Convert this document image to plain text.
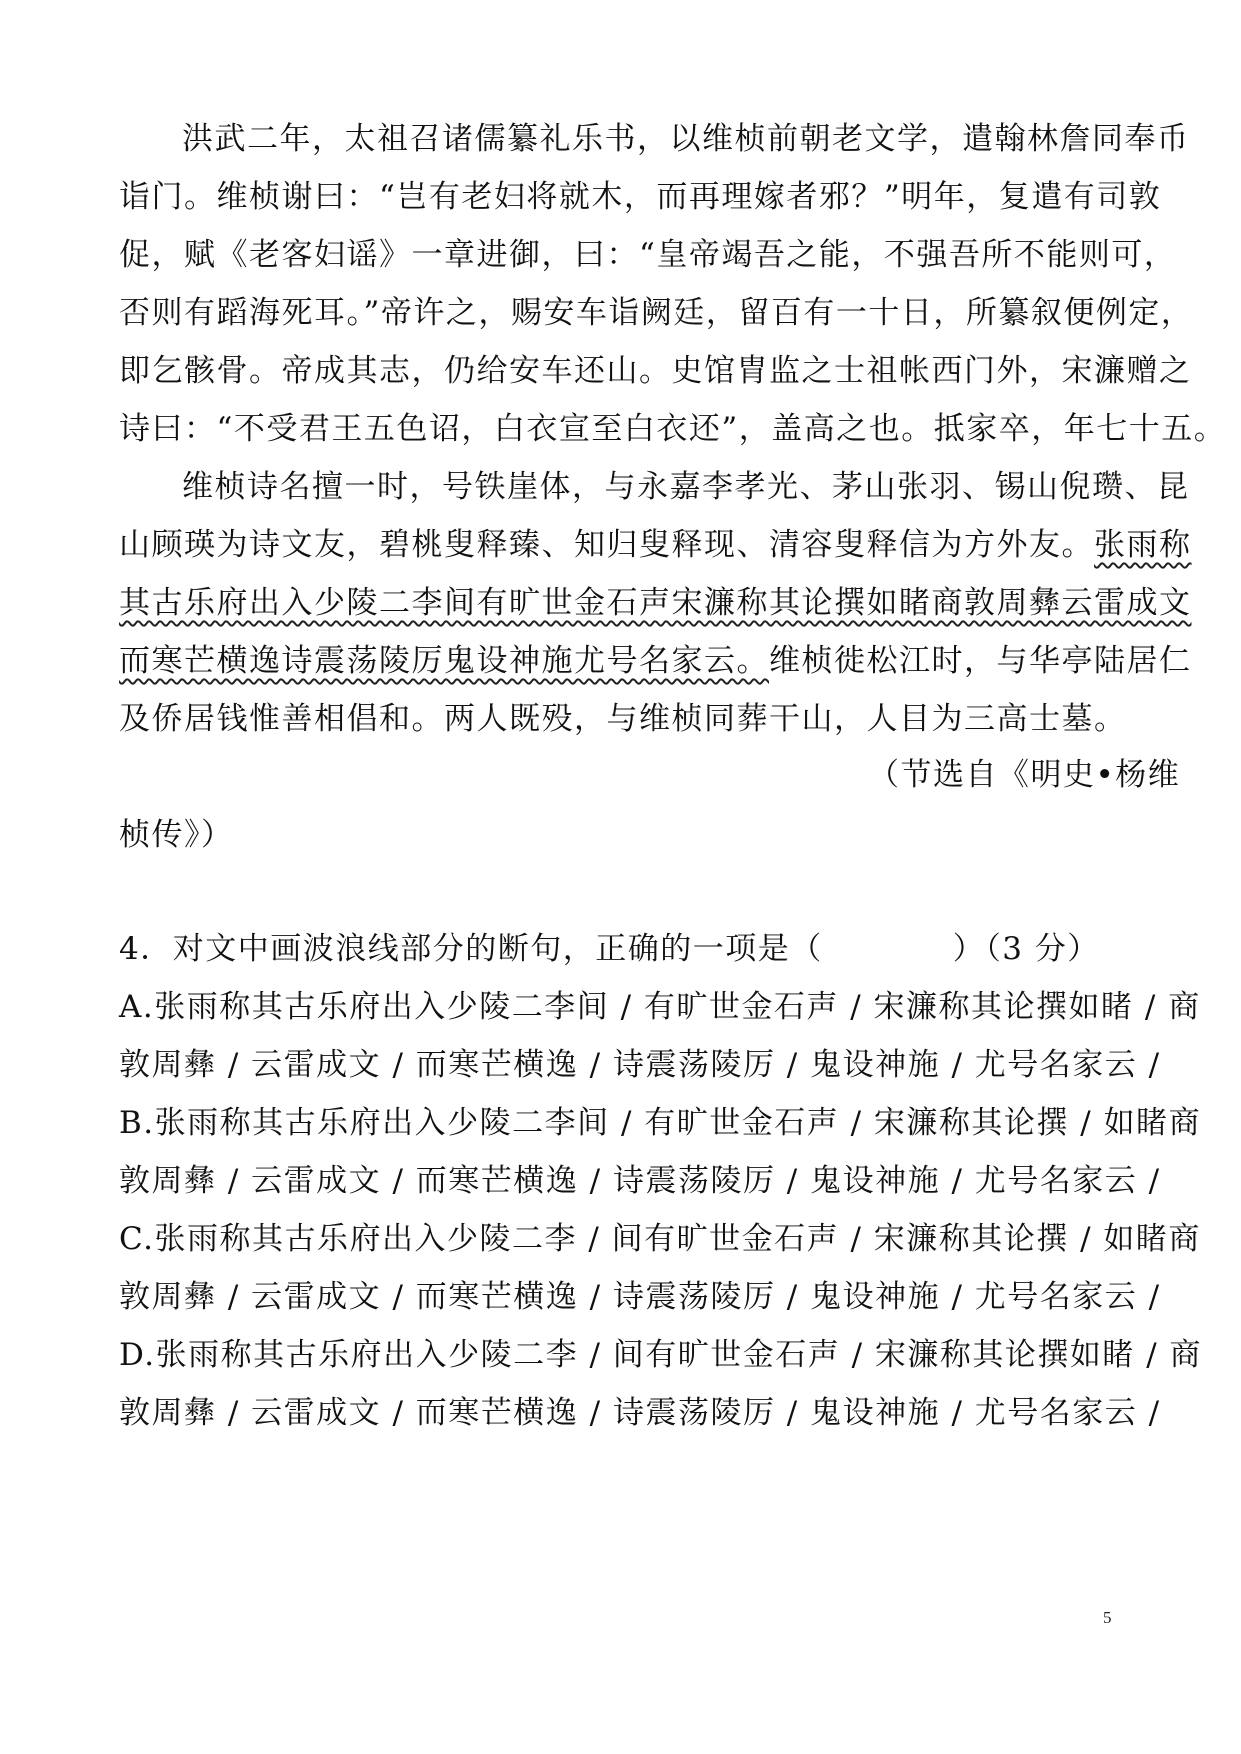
洪武二年，太祖召诸儒纂礼乐书，以维桢前朝老文学，遣翰林詹同奉币
诣门。维桢谢曰：“岂有老妇将就木，而再理嫁者邪？”明年，复遣有司敦
促，赋《老客妇谣》一章进御，曰：“皇帝竭吾之能，不强吾所不能则可，
否则有蹈海死耳。”帝许之，赐安车诣阙廷，留百有一十日，所纂叙便例定，
即乞骸骨。帝成其志，仍给安车还山。史馆胄监之士祖帐西门外，宋濂赠之
诗曰：“不受君王五色诏，白衣宣至白衣还”，盖高之也。抵家卒，年七十五。
维桢诗名擅一时，号铁崖体，与永嘉李孝光、茅山张羽、锡山倪瓒、昆
山顾瑛为诗文友，碧桃叟释臻、知归叟释现、清容叟释信为方外友。张雨称
其古乐府出入少陵二李间有旷世金石声宋濂称其论撰如睹商敦周彝云雷成文
而寒芒横逸诗震荡陵厉鬼设神施尤号名家云。维桢徙松江时，与华亭陆居仁
及侨居钱惟善相倡和。两人既殁，与维桢同葬干山，人目为三高士墓。
（节选自《明史•杨维
桢传》）
4．对文中画波浪线部分的断句，正确的一项是（　　　　）（3 分）
A.张雨称其古乐府出入少陵二李间 / 有旷世金石声 / 宋濂称其论撰如睹 / 商
敦周彝 / 云雷成文 / 而寒芒横逸 / 诗震荡陵厉 / 鬼设神施 / 尤号名家云 /
B.张雨称其古乐府出入少陵二李间 / 有旷世金石声 / 宋濂称其论撰 / 如睹商
敦周彝 / 云雷成文 / 而寒芒横逸 / 诗震荡陵厉 / 鬼设神施 / 尤号名家云 /
C.张雨称其古乐府出入少陵二李 / 间有旷世金石声 / 宋濂称其论撰 / 如睹商
敦周彝 / 云雷成文 / 而寒芒横逸 / 诗震荡陵厉 / 鬼设神施 / 尤号名家云 /
D.张雨称其古乐府出入少陵二李 / 间有旷世金石声 / 宋濂称其论撰如睹 / 商
敦周彝 / 云雷成文 / 而寒芒横逸 / 诗震荡陵厉 / 鬼设神施 / 尤号名家云 /
5
